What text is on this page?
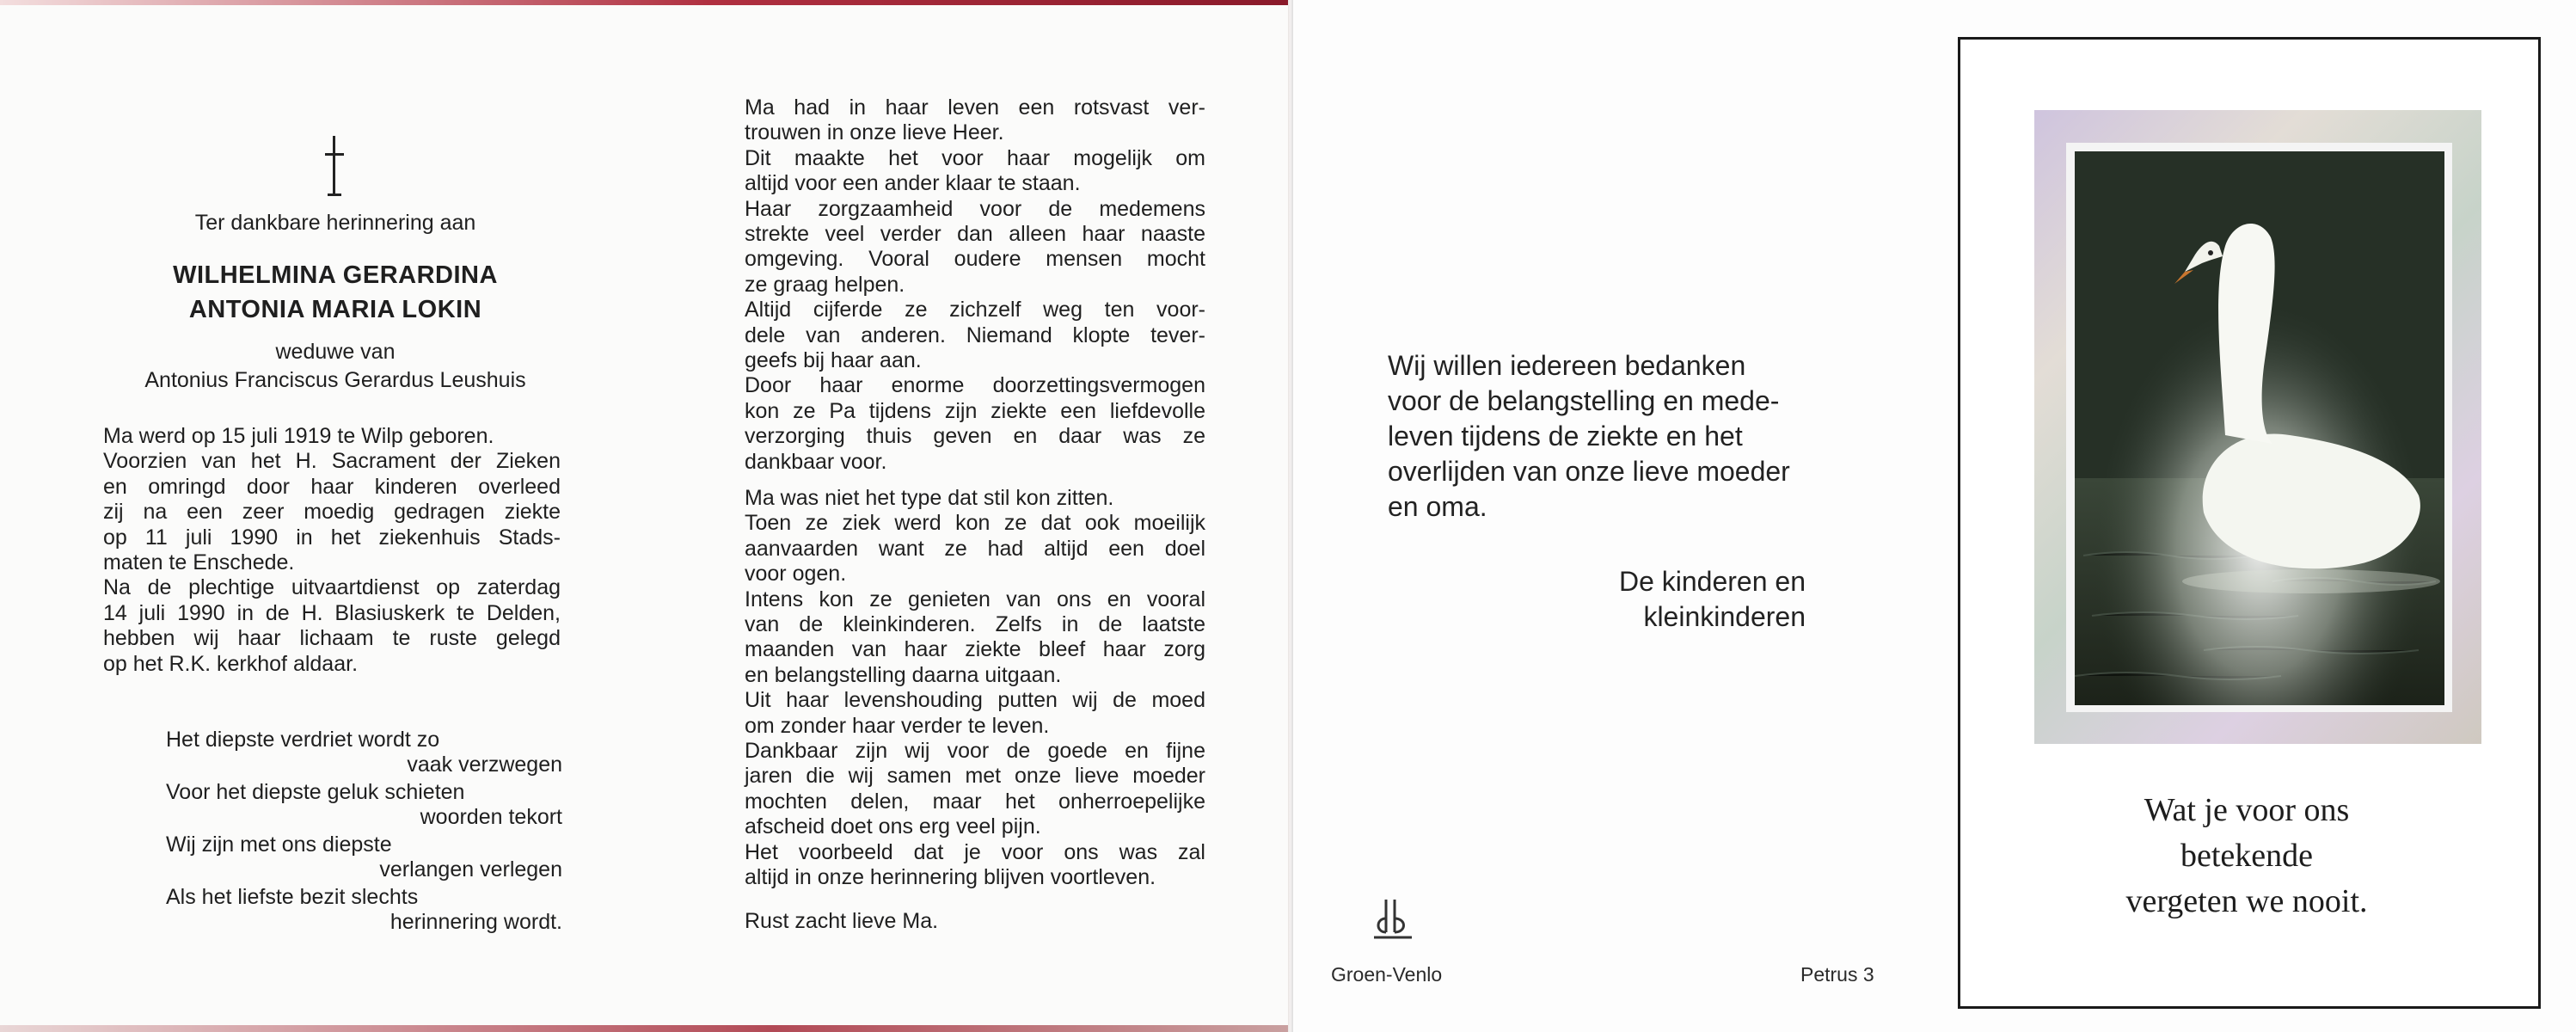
Ter dankbare herinnering aan
WILHELMINA GERARDINA
ANTONIA MARIA LOKIN
weduwe van
Antonius Franciscus Gerardus Leushuis
Ma werd op 15 juli 1919 te Wilp geboren.
Voorzien van het H. Sacrament der Zieken
en omringd door haar kinderen overleed
zij na een zeer moedig gedragen ziekte
op 11 juli 1990 in het ziekenhuis Stads-
maten te Enschede.
Na de plechtige uitvaartdienst op zaterdag
14 juli 1990 in de H. Blasiuskerk te Delden,
hebben wij haar lichaam te ruste gelegd
op het R.K. kerkhof aldaar.
Het diepste verdriet wordt zo
vaak verzwegen
Voor het diepste geluk schieten
woorden tekort
Wij zijn met ons diepste
verlangen verlegen
Als het liefste bezit slechts
herinnering wordt.
Ma had in haar leven een rotsvast ver-
trouwen in onze lieve Heer.
Dit maakte het voor haar mogelijk om
altijd voor een ander klaar te staan.
Haar zorgzaamheid voor de medemens
strekte veel verder dan alleen haar naaste
omgeving. Vooral oudere mensen mocht
ze graag helpen.
Altijd cijferde ze zichzelf weg ten voor-
dele van anderen. Niemand klopte tever-
geefs bij haar aan.
Door haar enorme doorzettingsvermogen
kon ze Pa tijdens zijn ziekte een liefdevolle
verzorging thuis geven en daar was ze
dankbaar voor.
Ma was niet het type dat stil kon zitten.
Toen ze ziek werd kon ze dat ook moeilijk
aanvaarden want ze had altijd een doel
voor ogen.
Intens kon ze genieten van ons en vooral
van de kleinkinderen. Zelfs in de laatste
maanden van haar ziekte bleef haar zorg
en belangstelling daarna uitgaan.
Uit haar levenshouding putten wij de moed
om zonder haar verder te leven.
Dankbaar zijn wij voor de goede en fijne
jaren die wij samen met onze lieve moeder
mochten delen, maar het onherroepelijke
afscheid doet ons erg veel pijn.
Het voorbeeld dat je voor ons was zal
altijd in onze herinnering blijven voortleven.
Rust zacht lieve Ma.
Wij willen iedereen bedanken
voor de belangstelling en mede-
leven tijdens de ziekte en het
overlijden van onze lieve moeder
en oma.
De kinderen en
kleinkinderen
Groen-Venlo	Petrus 3
Wat je voor ons
betekende
vergeten we nooit.
